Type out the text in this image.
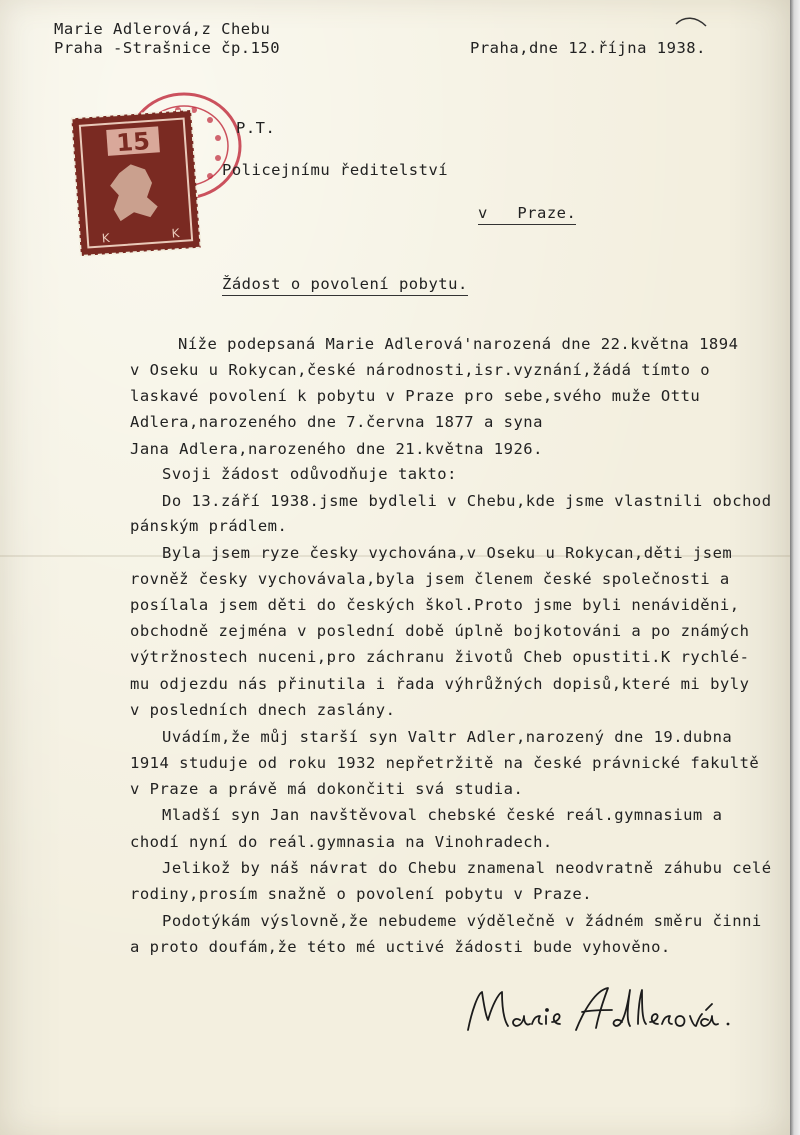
Marie Adlerová,z Chebu

Praha -Strašnice čp.150	Praha,dne 12.října 1938.

15
K	K

P.T.

Policejnímu ředitelství

v   Praze.

Žádost o povolení pobytu.

Níže podepsaná Marie Adlerová'narozená dne 22.května 1894

v Oseku u Rokycan,české národnosti,isr.vyznání,žádá tímto o

laskavé povolení k pobytu v Praze pro sebe,svého muže Ottu

Adlera,narozeného dne 7.června 1877 a syna

Jana Adlera,narozeného dne 21.května 1926.

Svoji žádost odůvodňuje takto:

Do 13.září 1938.jsme bydleli v Chebu,kde jsme vlastnili obchod

pánským prádlem.

Byla jsem ryze česky vychována,v Oseku u Rokycan,děti jsem

rovněž česky vychovávala,byla jsem členem české společnosti a

posílala jsem děti do českých škol.Proto jsme byli nenáviděni,

obchodně zejména v poslední době úplně bojkotováni a po známých

výtržnostech nuceni,pro záchranu životů Cheb opustiti.K rychlé-

mu odjezdu nás přinutila i řada výhrůžných dopisů,které mi byly

v posledních dnech zaslány.

Uvádím,že můj starší syn Valtr Adler,narozený dne 19.dubna

1914 studuje od roku 1932 nepřetržitě na české právnické fakultě

v Praze a právě má dokončiti svá studia.

Mladší syn Jan navštěvoval chebské české reál.gymnasium a

chodí nyní do reál.gymnasia na Vinohradech.

Jelikož by náš návrat do Chebu znamenal neodvratně záhubu celé

rodiny,prosím snažně o povolení pobytu v Praze.

Podotýkám výslovně,že nebudeme výdělečně v žádném směru činni

a proto doufám,že této mé uctivé žádosti bude vyhověno.
